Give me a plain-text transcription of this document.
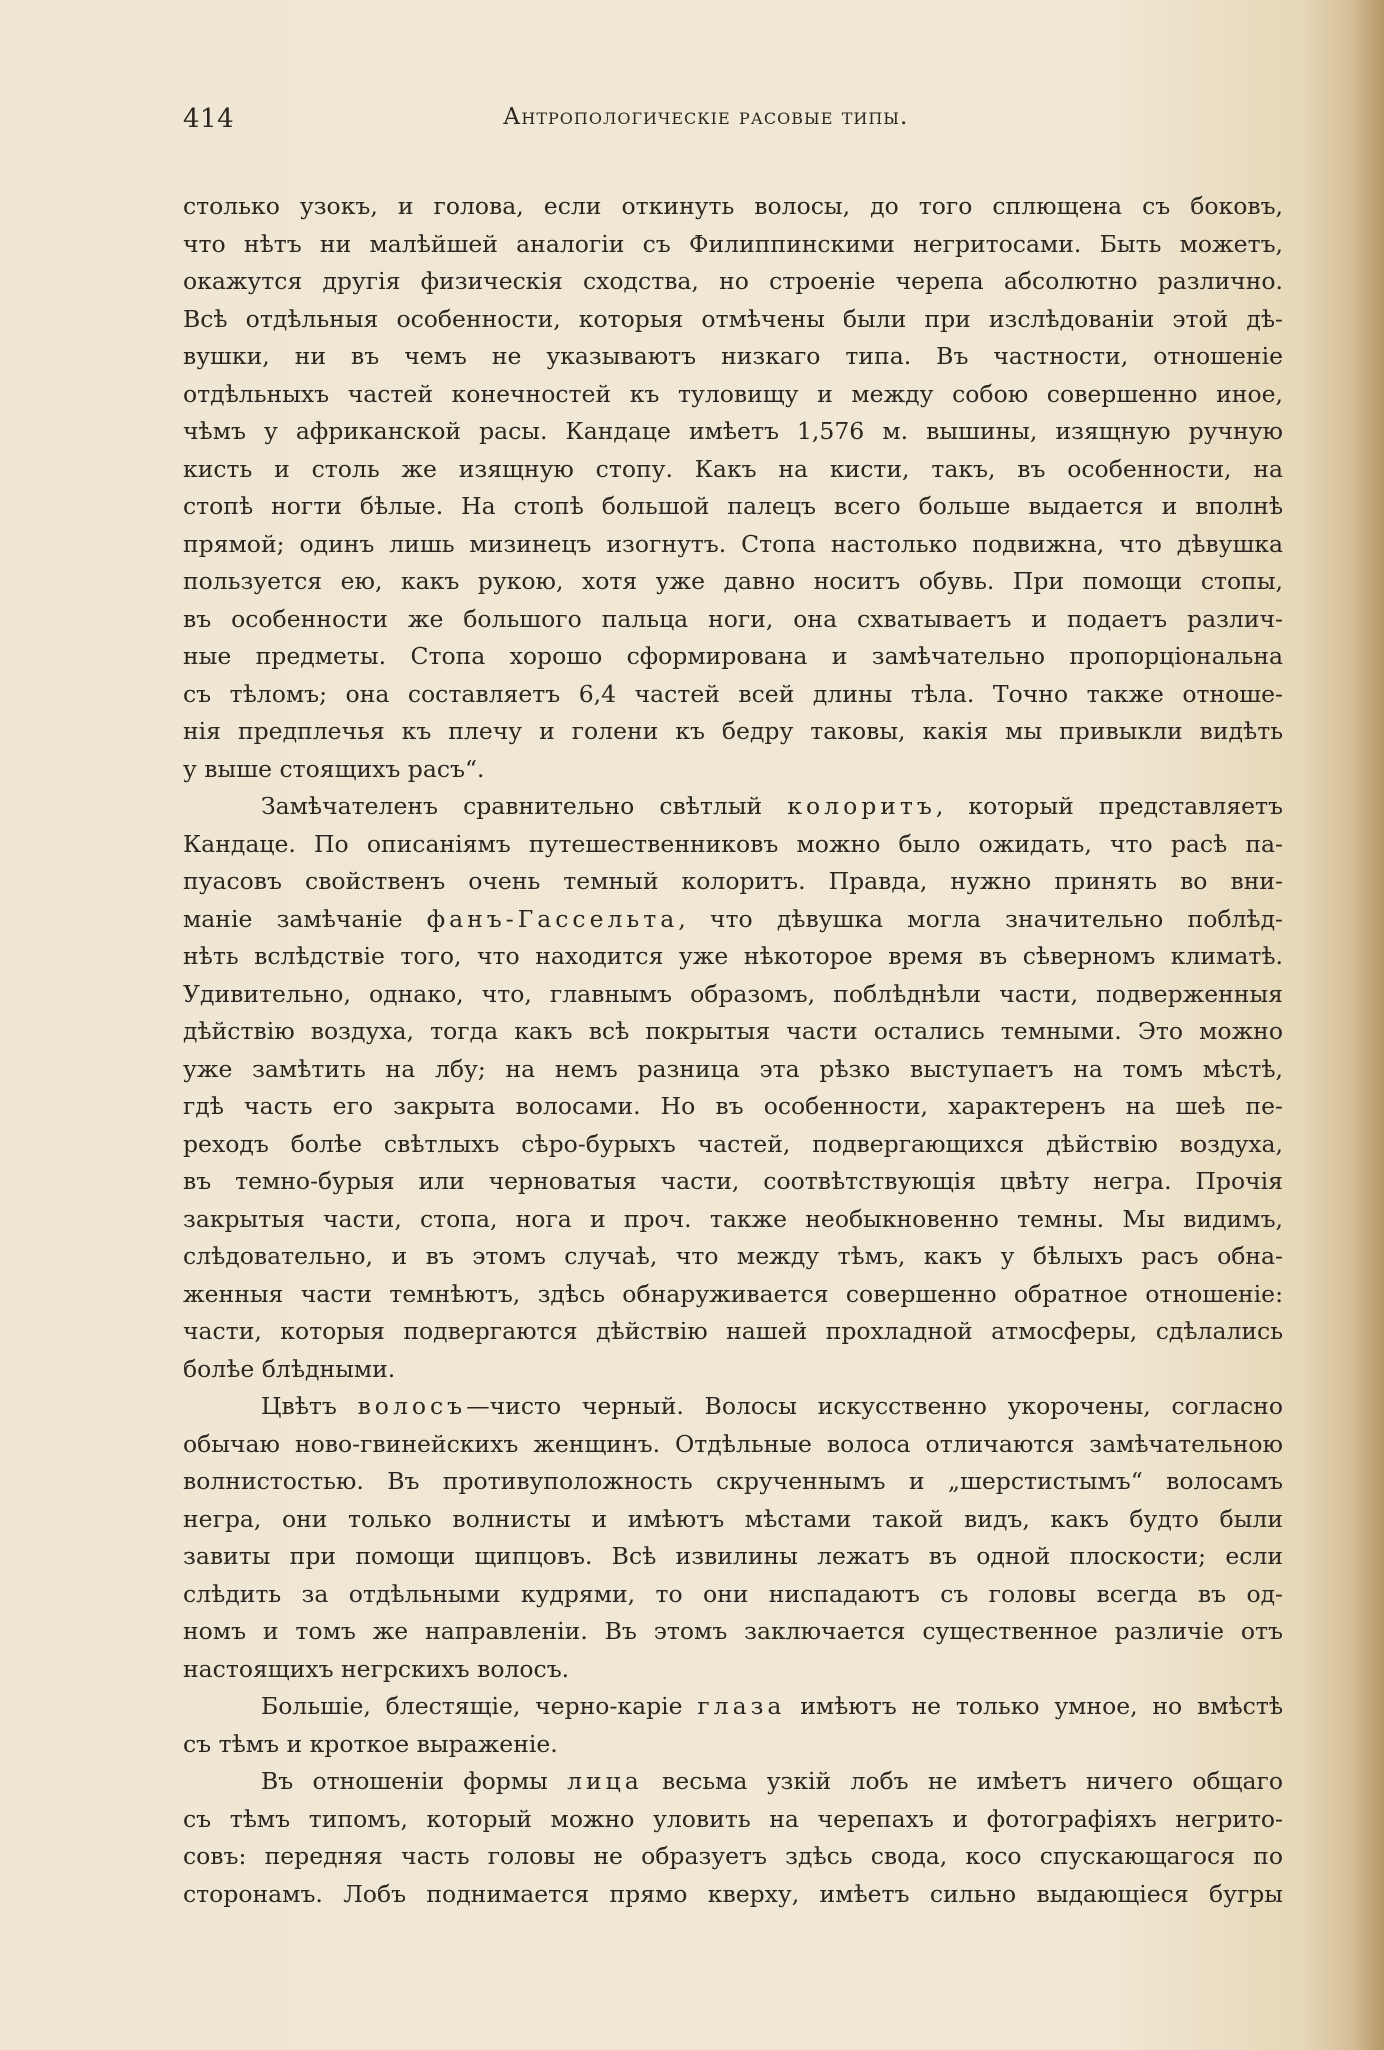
414	Антропологическіе расовые типы.
столько узокъ, и голова, если откинуть волосы, до того сплющена съ боковъ,
что нѣтъ ни малѣйшей аналогіи съ Филиппинскими негритосами. Быть можетъ,
окажутся другія физическія сходства, но строеніе черепа абсолютно различно.
Всѣ отдѣльныя особенности, которыя отмѣчены были при изслѣдованіи этой дѣ-
вушки, ни въ чемъ не указываютъ низкаго типа. Въ частности, отношеніе
отдѣльныхъ частей конечностей къ туловищу и между собою совершенно иное,
чѣмъ у африканской расы. Кандаце имѣетъ 1,576 м. вышины, изящную ручную
кисть и столь же изящную стопу. Какъ на кисти, такъ, въ особенности, на
стопѣ ногти бѣлые. На стопѣ большой палецъ всего больше выдается и вполнѣ
прямой; одинъ лишь мизинецъ изогнутъ. Стопа настолько подвижна, что дѣвушка
пользуется ею, какъ рукою, хотя уже давно носитъ обувь. При помощи стопы,
въ особенности же большого пальца ноги, она схватываетъ и подаетъ различ-
ные предметы. Стопа хорошо сформирована и замѣчательно пропорціональна
съ тѣломъ; она составляетъ 6,4 частей всей длины тѣла. Точно также отноше-
нія предплечья къ плечу и голени къ бедру таковы, какія мы привыкли видѣть
у выше стоящихъ расъ“.
Замѣчателенъ сравнительно свѣтлый колоритъ, который представляетъ
Кандаце. По описаніямъ путешественниковъ можно было ожидать, что расѣ па-
пуасовъ свойственъ очень темный колоритъ. Правда, нужно принять во вни-
маніе замѣчаніе фанъ-Гассельта, что дѣвушка могла значительно поблѣд-
нѣть вслѣдствіе того, что находится уже нѣкоторое время въ сѣверномъ климатѣ.
Удивительно, однако, что, главнымъ образомъ, поблѣднѣли части, подверженныя
дѣйствію воздуха, тогда какъ всѣ покрытыя части остались темными. Это можно
уже замѣтить на лбу; на немъ разница эта рѣзко выступаетъ на томъ мѣстѣ,
гдѣ часть его закрыта волосами. Но въ особенности, характеренъ на шеѣ пе-
реходъ болѣе свѣтлыхъ сѣро-бурыхъ частей, подвергающихся дѣйствію воздуха,
въ темно-бурыя или черноватыя части, соотвѣтствующія цвѣту негра. Прочія
закрытыя части, стопа, нога и проч. также необыкновенно темны. Мы видимъ,
слѣдовательно, и въ этомъ случаѣ, что между тѣмъ, какъ у бѣлыхъ расъ обна-
женныя части темнѣютъ, здѣсь обнаруживается совершенно обратное отношеніе:
части, которыя подвергаются дѣйствію нашей прохладной атмосферы, сдѣлались
болѣе блѣдными.
Цвѣтъ волосъ—чисто черный. Волосы искусственно укорочены, согласно
обычаю ново-гвинейскихъ женщинъ. Отдѣльные волоса отличаются замѣчательною
волнистостью. Въ противуположность скрученнымъ и „шерстистымъ“ волосамъ
негра, они только волнисты и имѣютъ мѣстами такой видъ, какъ будто были
завиты при помощи щипцовъ. Всѣ извилины лежатъ въ одной плоскости; если
слѣдить за отдѣльными кудрями, то они ниспадаютъ съ головы всегда въ од-
номъ и томъ же направленіи. Въ этомъ заключается существенное различіе отъ
настоящихъ негрскихъ волосъ.
Большіе, блестящіе, черно-каріе глаза имѣютъ не только умное, но вмѣстѣ
съ тѣмъ и кроткое выраженіе.
Въ отношеніи формы лица весьма узкій лобъ не имѣетъ ничего общаго
съ тѣмъ типомъ, который можно уловить на черепахъ и фотографіяхъ негрито-
совъ: передняя часть головы не образуетъ здѣсь свода, косо спускающагося по
сторонамъ. Лобъ поднимается прямо кверху, имѣетъ сильно выдающіеся бугры
